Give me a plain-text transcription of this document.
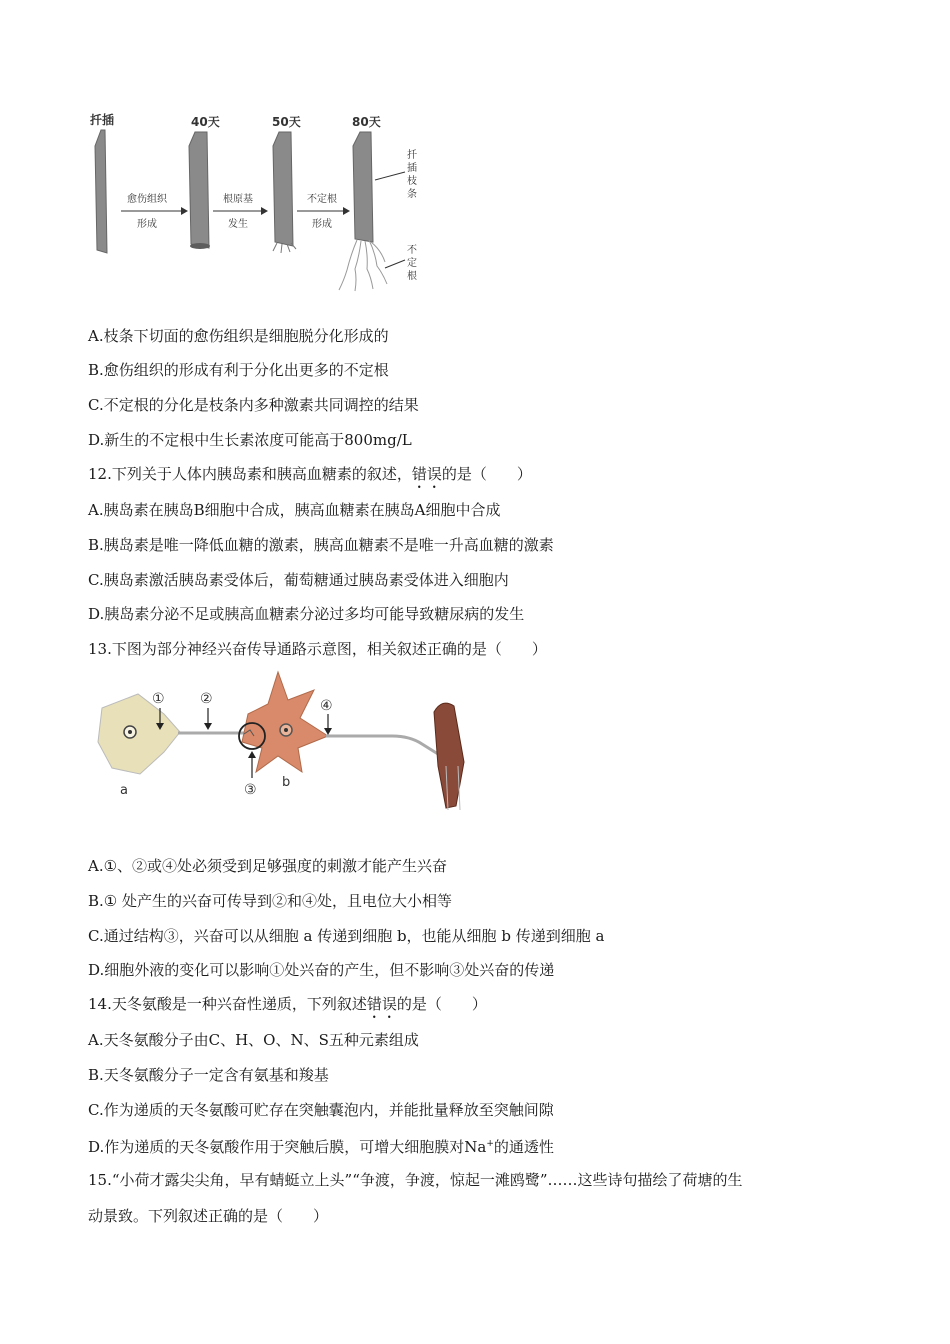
扦插	40天	50天	80天
愈伤组织
形成
根原基
发生
不定根
形成
扦
插
枝
条
不
定
根
A.枝条下切面的愈伤组织是细胞脱分化形成的
B.愈伤组织的形成有利于分化出更多的不定根
C.不定根的分化是枝条内多种激素共同调控的结果
D.新生的不定根中生长素浓度可能高于800mg/L
12.下列关于人体内胰岛素和胰高血糖素的叙述，错误的是（　　）
A.胰岛素在胰岛B细胞中合成，胰高血糖素在胰岛A细胞中合成
B.胰岛素是唯一降低血糖的激素，胰高血糖素不是唯一升高血糖的激素
C.胰岛素激活胰岛素受体后，葡萄糖通过胰岛素受体进入细胞内
D.胰岛素分泌不足或胰高血糖素分泌过多均可能导致糖尿病的发生
13.下图为部分神经兴奋传导通路示意图，相关叙述正确的是（　　）
a
b
①	②
③
④
A.①、②或④处必须受到足够强度的刺激才能产生兴奋
B.① 处产生的兴奋可传导到②和④处，且电位大小相等
C.通过结构③，兴奋可以从细胞 a 传递到细胞 b，也能从细胞 b 传递到细胞 a
D.细胞外液的变化可以影响①处兴奋的产生，但不影响③处兴奋的传递
14.天冬氨酸是一种兴奋性递质，下列叙述错误的是（　　）
A.天冬氨酸分子由C、H、O、N、S五种元素组成
B.天冬氨酸分子一定含有氨基和羧基
C.作为递质的天冬氨酸可贮存在突触囊泡内，并能批量释放至突触间隙
D.作为递质的天冬氨酸作用于突触后膜，可增大细胞膜对Na+的通透性
15.“小荷才露尖尖角，早有蜻蜓立上头”“争渡，争渡，惊起一滩鸥鹭”……这些诗句描绘了荷塘的生
动景致。下列叙述正确的是（　　）
